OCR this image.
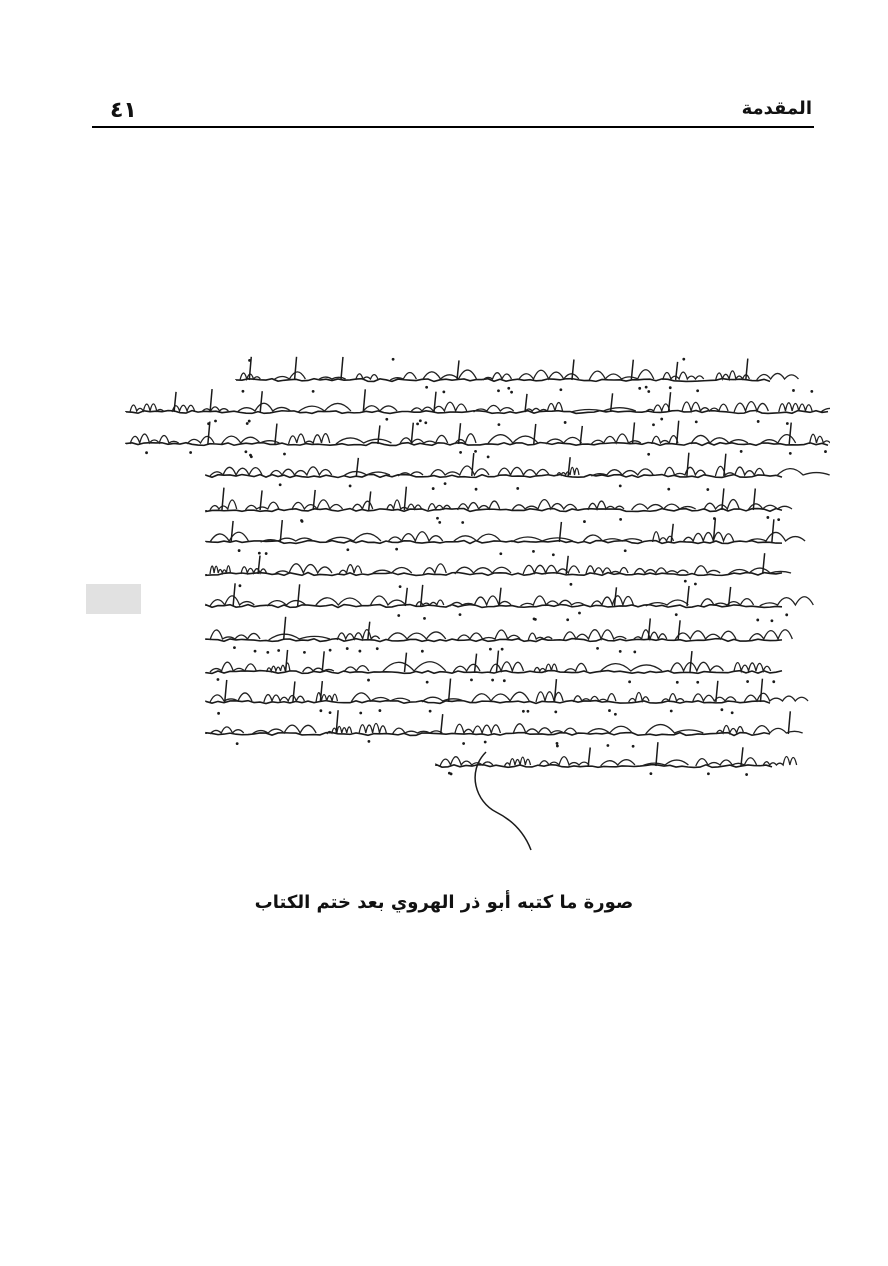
٤١	المقدمة
صورة ما كتبه أبو ذر الهروي بعد ختم الكتاب
